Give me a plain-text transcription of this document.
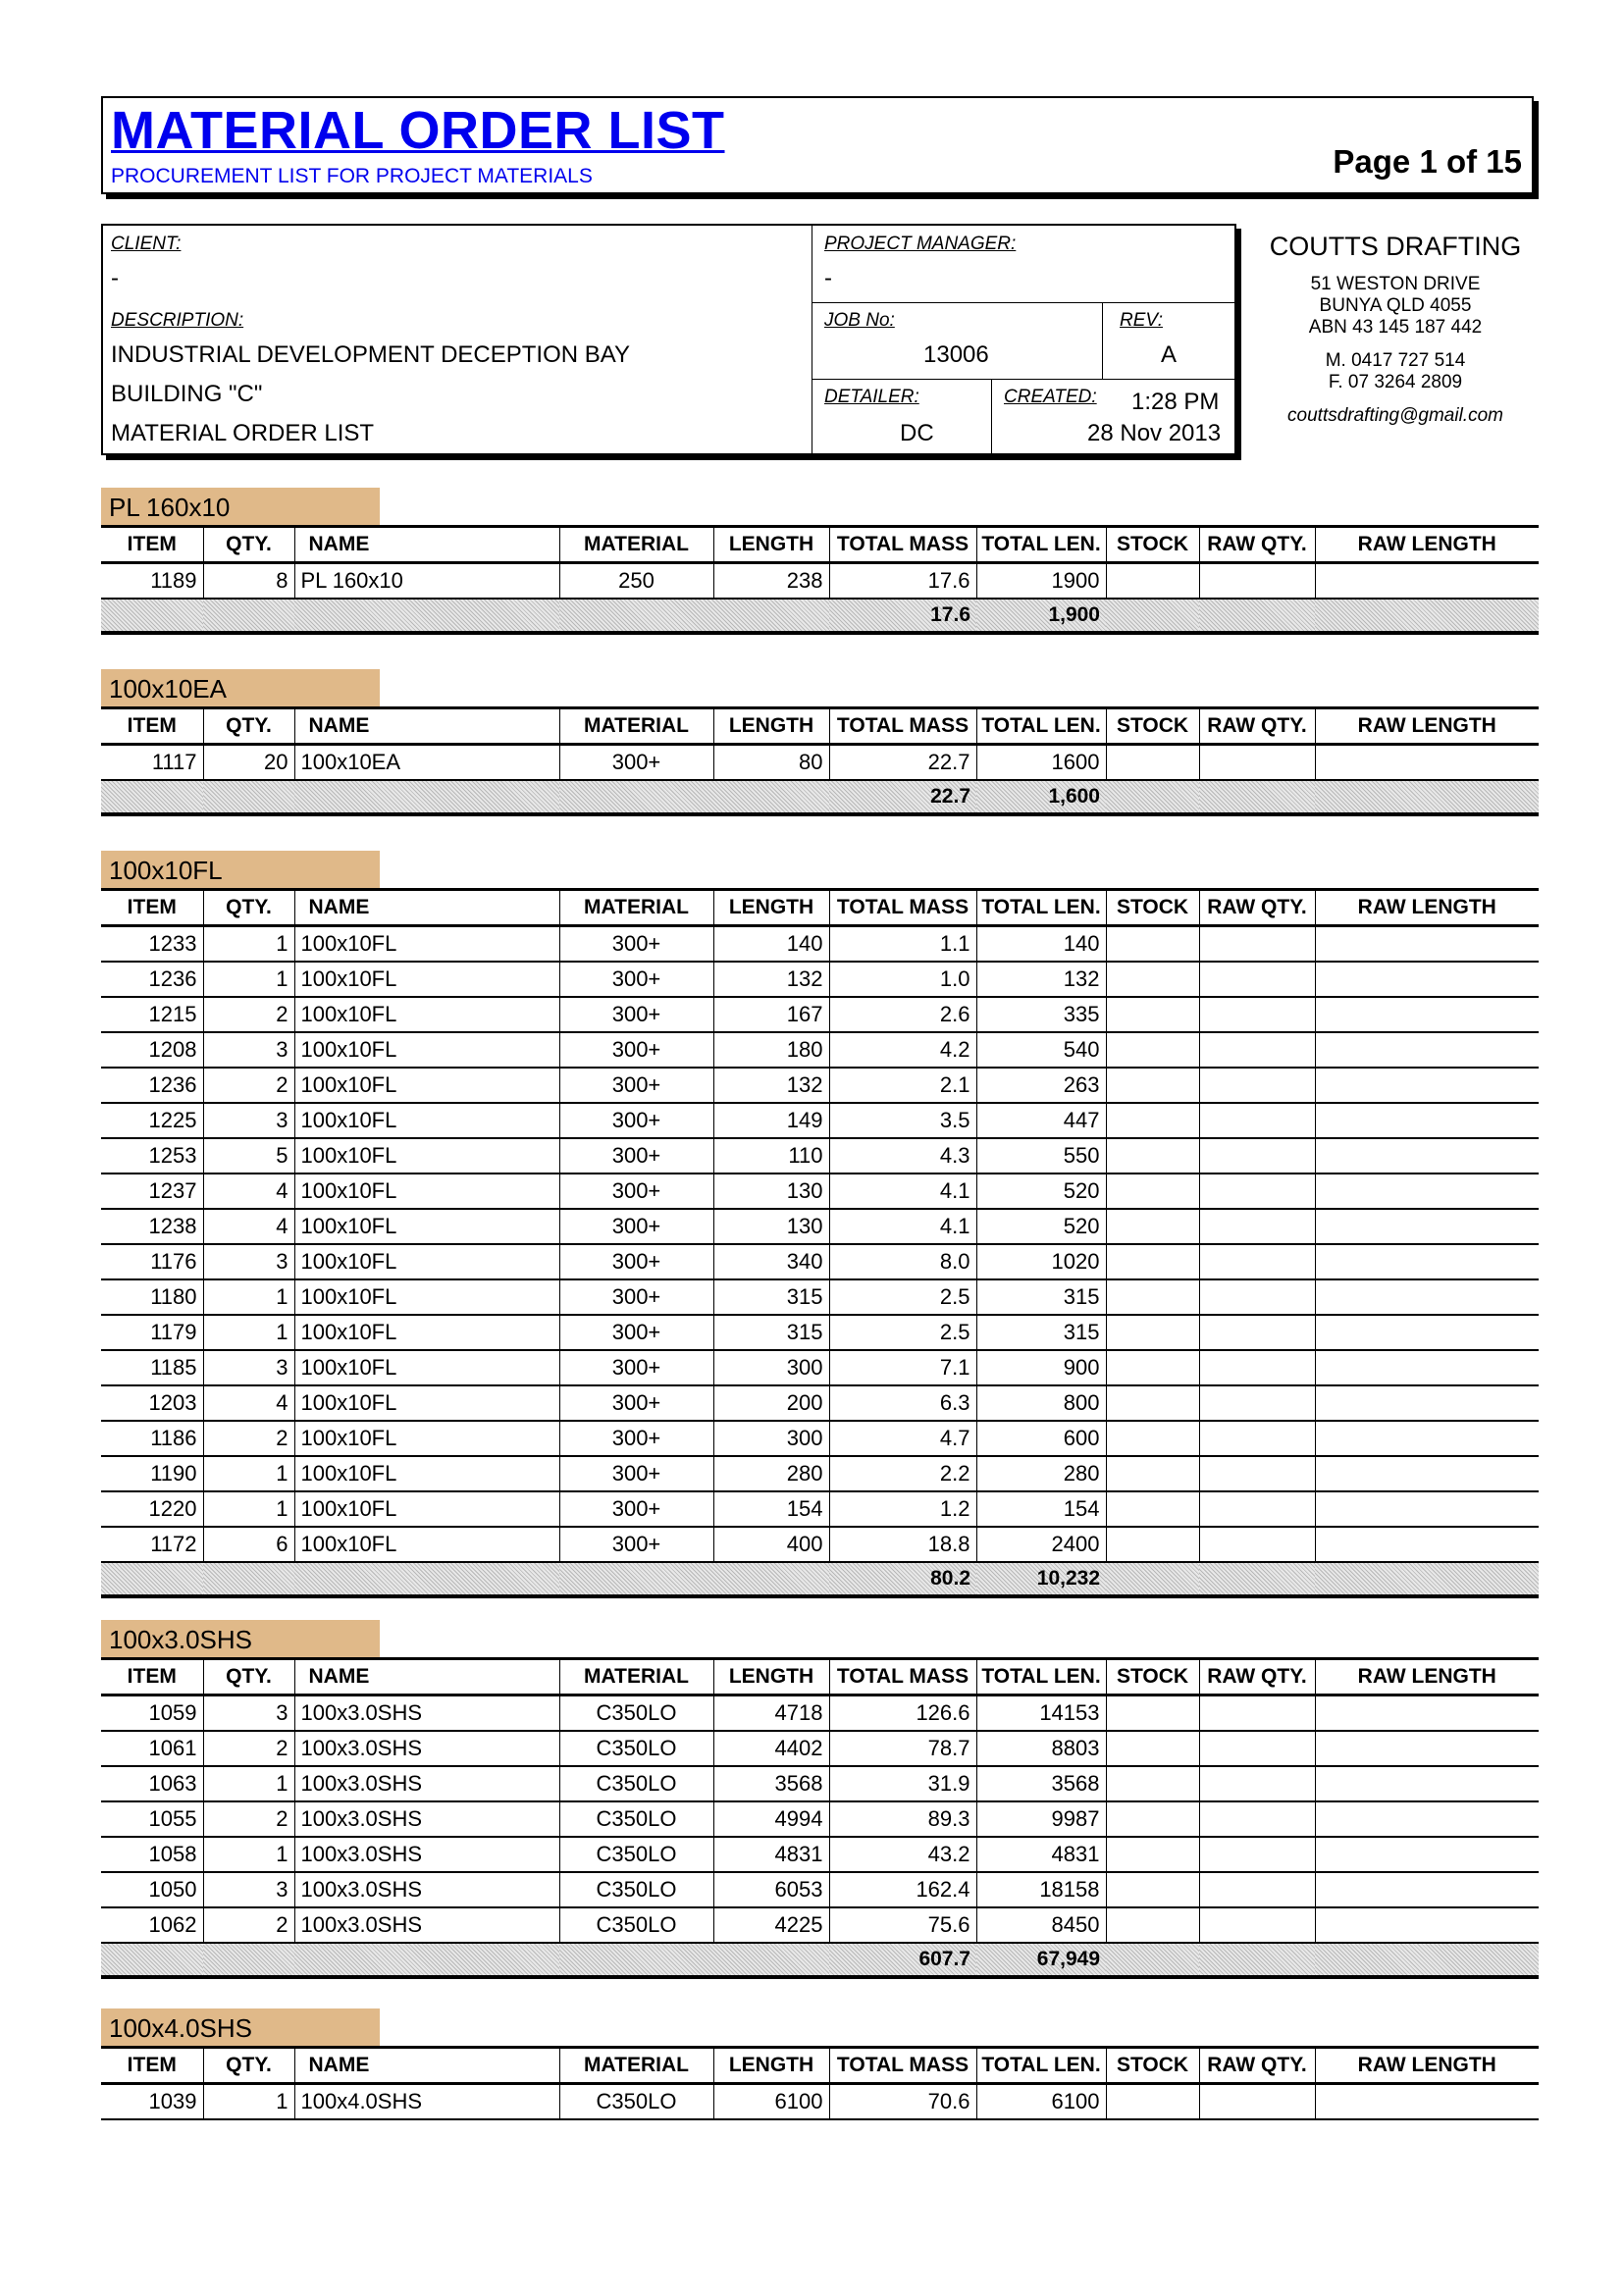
MATERIAL ORDER LIST
PROCUREMENT LIST FOR PROJECT MATERIALS	Page 1 of 15
CLIENT:
-
PROJECT MANAGER:
-
DESCRIPTION:
INDUSTRIAL DEVELOPMENT DECEPTION BAY
BUILDING "C"
MATERIAL ORDER LIST
JOB No:
13006
REV:
A
DETAILER:
DC
CREATED: 1:28 PM
28 Nov 2013
COUTTS DRAFTING
51 WESTON DRIVE
BUNYA QLD 4055
ABN 43 145 187 442
M. 0417 727 514
F. 07 3264 2809
couttsdrafting@gmail.com
PL 160x10
ITEM	QTY.	NAME	MATERIAL	LENGTH	TOTAL MASS	TOTAL LEN.	STOCK	RAW QTY.	RAW LENGTH
1189	8	PL 160x10	250	238	17.6	1900			
					17.6	1,900			
100x10EA
ITEM	QTY.	NAME	MATERIAL	LENGTH	TOTAL MASS	TOTAL LEN.	STOCK	RAW QTY.	RAW LENGTH
1117	20	100x10EA	300+	80	22.7	1600			
					22.7	1,600			
100x10FL
ITEM	QTY.	NAME	MATERIAL	LENGTH	TOTAL MASS	TOTAL LEN.	STOCK	RAW QTY.	RAW LENGTH
1233	1	100x10FL	300+	140	1.1	140			
1236	1	100x10FL	300+	132	1.0	132			
1215	2	100x10FL	300+	167	2.6	335			
1208	3	100x10FL	300+	180	4.2	540			
1236	2	100x10FL	300+	132	2.1	263			
1225	3	100x10FL	300+	149	3.5	447			
1253	5	100x10FL	300+	110	4.3	550			
1237	4	100x10FL	300+	130	4.1	520			
1238	4	100x10FL	300+	130	4.1	520			
1176	3	100x10FL	300+	340	8.0	1020			
1180	1	100x10FL	300+	315	2.5	315			
1179	1	100x10FL	300+	315	2.5	315			
1185	3	100x10FL	300+	300	7.1	900			
1203	4	100x10FL	300+	200	6.3	800			
1186	2	100x10FL	300+	300	4.7	600			
1190	1	100x10FL	300+	280	2.2	280			
1220	1	100x10FL	300+	154	1.2	154			
1172	6	100x10FL	300+	400	18.8	2400			
					80.2	10,232			
100x3.0SHS
ITEM	QTY.	NAME	MATERIAL	LENGTH	TOTAL MASS	TOTAL LEN.	STOCK	RAW QTY.	RAW LENGTH
1059	3	100x3.0SHS	C350LO	4718	126.6	14153			
1061	2	100x3.0SHS	C350LO	4402	78.7	8803			
1063	1	100x3.0SHS	C350LO	3568	31.9	3568			
1055	2	100x3.0SHS	C350LO	4994	89.3	9987			
1058	1	100x3.0SHS	C350LO	4831	43.2	4831			
1050	3	100x3.0SHS	C350LO	6053	162.4	18158			
1062	2	100x3.0SHS	C350LO	4225	75.6	8450			
					607.7	67,949			
100x4.0SHS
ITEM	QTY.	NAME	MATERIAL	LENGTH	TOTAL MASS	TOTAL LEN.	STOCK	RAW QTY.	RAW LENGTH
1039	1	100x4.0SHS	C350LO	6100	70.6	6100			
